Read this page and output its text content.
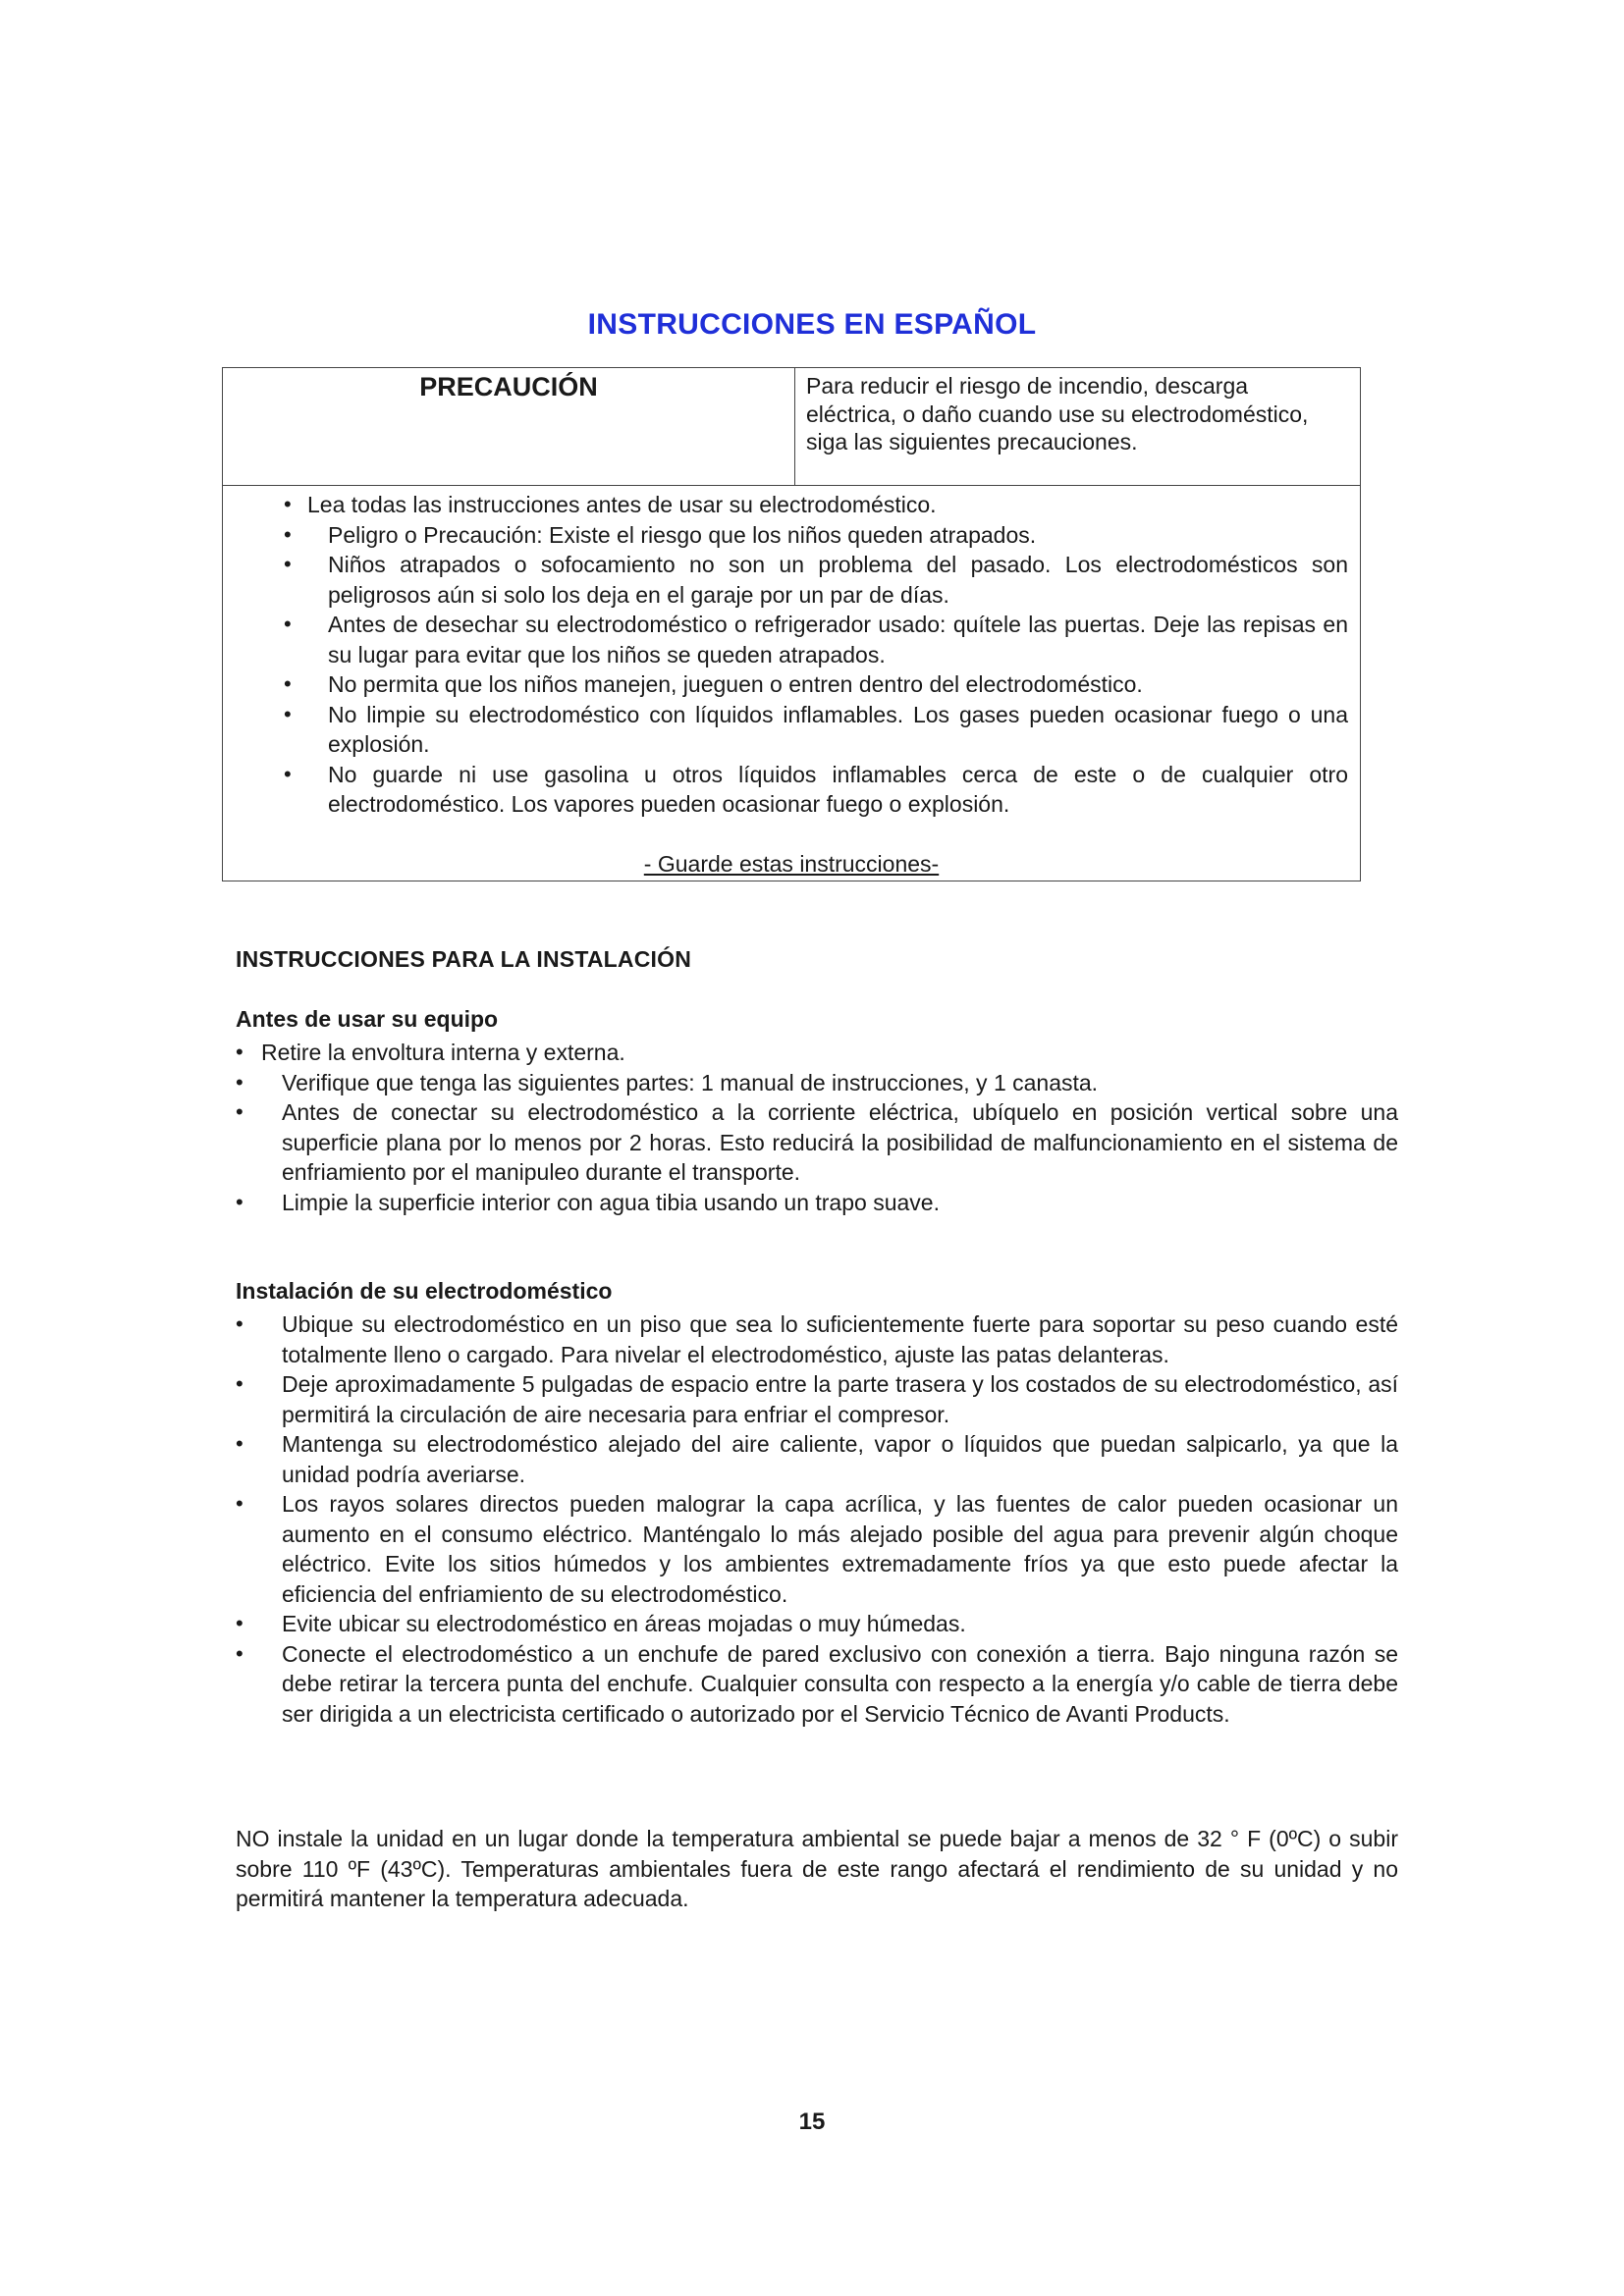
INSTRUCCIONES EN ESPAÑOL
PRECAUCIÓN	Para reducir el riesgo de incendio, descarga eléctrica, o daño cuando use su electrodoméstico, siga las siguientes precauciones.
• Lea todas las instrucciones antes de usar su electrodoméstico.
• Peligro o Precaución: Existe el riesgo que los niños queden atrapados.
• Niños atrapados o sofocamiento no son un problema del pasado. Los electrodomésticos son peligrosos aún si solo los deja en el garaje por un par de días.
• Antes de desechar su electrodoméstico o refrigerador usado: quítele las puertas. Deje las repisas en su lugar para evitar que los niños se queden atrapados.
• No permita que los niños manejen, jueguen o entren dentro del electrodoméstico.
• No limpie su electrodoméstico con líquidos inflamables. Los gases pueden ocasionar fuego o una explosión.
• No guarde ni use gasolina u otros líquidos inflamables cerca de este o de cualquier otro electrodoméstico. Los vapores pueden ocasionar fuego o explosión.
- Guarde estas instrucciones-
INSTRUCCIONES PARA LA INSTALACIÓN
Antes de usar su equipo
• Retire la envoltura interna y externa.
• Verifique que tenga las siguientes partes: 1 manual de instrucciones, y 1 canasta.
• Antes de conectar su electrodoméstico a la corriente eléctrica, ubíquelo en posición vertical sobre una superficie plana por lo menos por 2 horas. Esto reducirá la posibilidad de malfuncionamiento en el sistema de enfriamiento por el manipuleo durante el transporte.
• Limpie la superficie interior con agua tibia usando un trapo suave.
Instalación de su electrodoméstico
• Ubique su electrodoméstico en un piso que sea lo suficientemente fuerte para soportar su peso cuando esté totalmente lleno o cargado. Para nivelar el electrodoméstico, ajuste las patas delanteras.
• Deje aproximadamente 5 pulgadas de espacio entre la parte trasera y los costados de su electrodoméstico, así permitirá la circulación de aire necesaria para enfriar el compresor.
• Mantenga su electrodoméstico alejado del aire caliente, vapor o líquidos que puedan salpicarlo, ya que la unidad podría averiarse.
• Los rayos solares directos pueden malograr la capa acrílica, y las fuentes de calor pueden ocasionar un aumento en el consumo eléctrico. Manténgalo lo más alejado posible del agua para prevenir algún choque eléctrico. Evite los sitios húmedos y los ambientes extremadamente fríos ya que esto puede afectar la eficiencia del enfriamiento de su electrodoméstico.
• Evite ubicar su electrodoméstico en áreas mojadas o muy húmedas.
• Conecte el electrodoméstico a un enchufe de pared exclusivo con conexión a tierra. Bajo ninguna razón se debe retirar la tercera punta del enchufe. Cualquier consulta con respecto a la energía y/o cable de tierra debe ser dirigida a un electricista certificado o autorizado por el Servicio Técnico de Avanti Products.
NO instale la unidad en un lugar donde la temperatura ambiental se puede bajar a menos de 32 ° F (0ºC) o subir sobre 110 ºF (43ºC). Temperaturas ambientales fuera de este rango afectará el rendimiento de su unidad y no permitirá mantener la temperatura adecuada.
15
